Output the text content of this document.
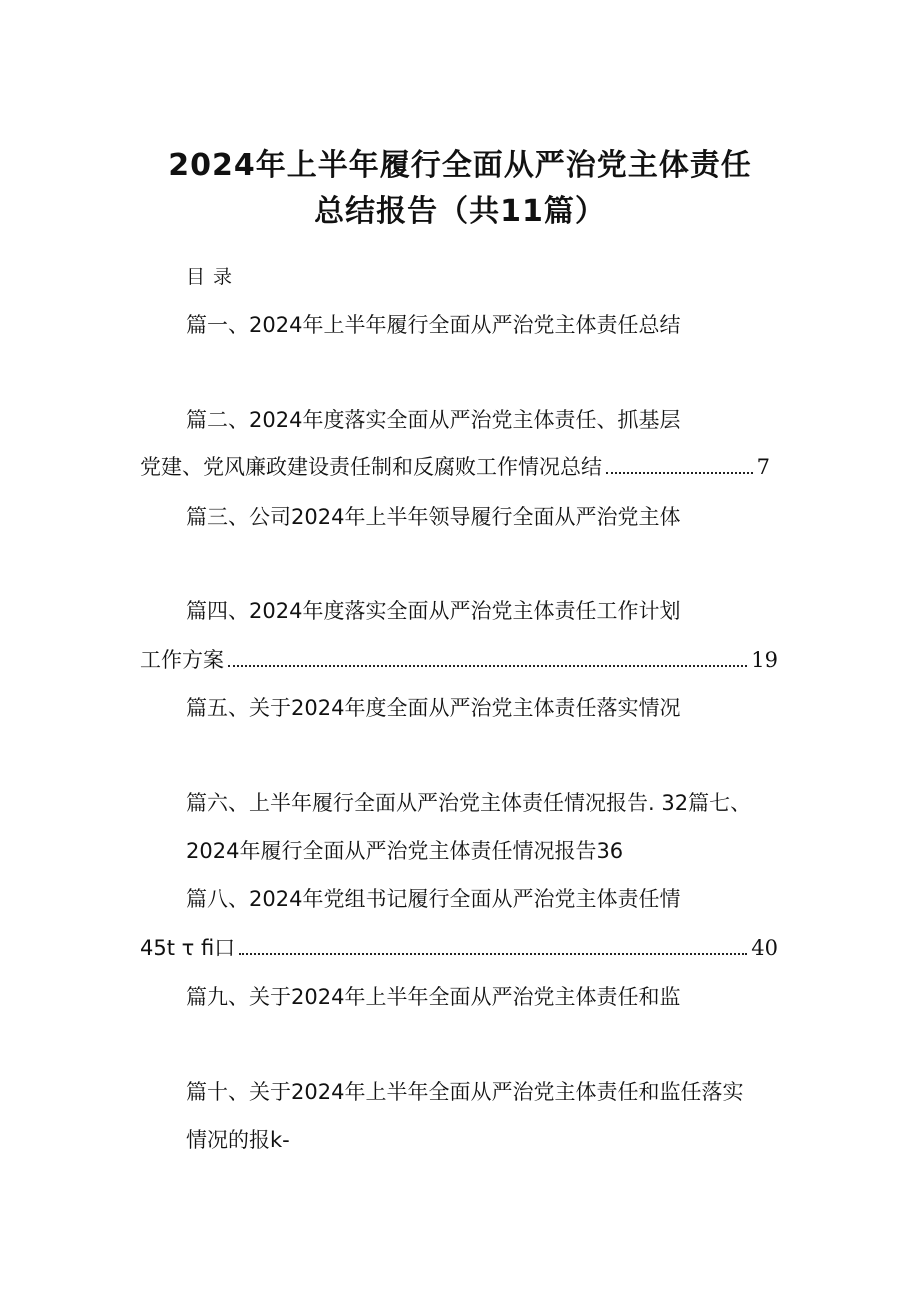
2024年上半年履行全面从严治党主体责任
总结报告（共11篇）
目录
篇一、2024年上半年履行全面从严治党主体责任总结
篇二、2024年度落实全面从严治党主体责任、抓基层
党建、党风廉政建设责任制和反腐败工作情况总结	7
篇三、公司2024年上半年领导履行全面从严治党主体
篇四、2024年度落实全面从严治党主体责任工作计划
工作方案	19
篇五、关于2024年度全面从严治党主体责任落实情况
篇六、上半年履行全面从严治党主体责任情况报告. 32篇七、
2024年履行全面从严治党主体责任情况报告36
篇八、2024年党组书记履行全面从严治党主体责任情
45t τ fi口	40
篇九、关于2024年上半年全面从严治党主体责任和监
篇十、关于2024年上半年全面从严治党主体责任和监任落实
情况的报k-
